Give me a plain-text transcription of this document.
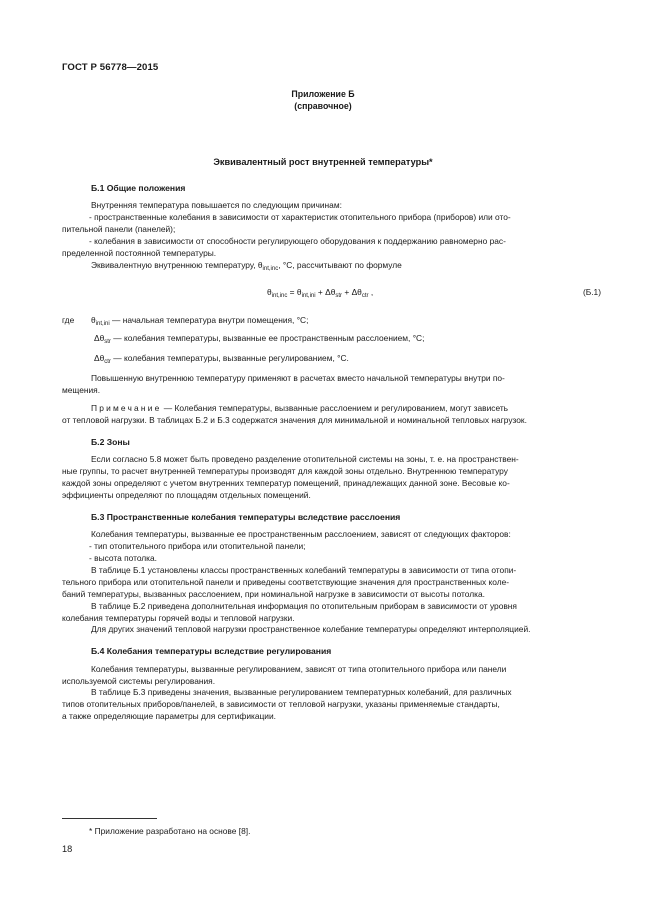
ГОСТ Р 56778—2015
Приложение Б
(справочное)
Эквивалентный рост внутренней температуры*
Б.1 Общие положения

Внутренняя температура повышается по следующим причинам:

- пространственные колебания в зависимости от характеристик отопительного прибора (приборов) или ото-
пительной панели (панелей);

- колебания в зависимости от способности регулирующего оборудования к поддержанию равномерно рас-
пределенной постоянной температуры.

Эквивалентную внутреннюю температуру, $\theta_{int,inc}$, °C, рассчитывают по формуле

$\theta_{int,inc} = \theta_{int,ini} + \Delta\theta_{str} + \Delta\theta_{ctr}$ ,	(Б.1)
где $\theta_{int,ini}$ — начальная температура внутри помещения, °C;
$\Delta\theta_{str}$ — колебания температуры, вызванные ее пространственным расслоением, °C;
$\Delta\theta_{ctr}$ — колебания температуры, вызванные регулированием, °C.

Повышенную внутреннюю температуру применяют в расчетах вместо начальной температуры внутри по-
мещения.

Примечание — Колебания температуры, вызванные расслоением и регулированием, могут зависеть
от тепловой нагрузки. В таблицах Б.2 и Б.3 содержатся значения для минимальной и номинальной тепловых нагрузок.

Б.2 Зоны

Если согласно 5.8 может быть проведено разделение отопительной системы на зоны, т. е. на пространствен-
ные группы, то расчет внутренней температуры производят для каждой зоны отдельно. Внутреннюю температуру
каждой зоны определяют с учетом внутренних температур помещений, принадлежащих данной зоне. Весовые ко-
эффициенты определяют по площадям отдельных помещений.

Б.3 Пространственные колебания температуры вследствие расслоения

Колебания температуры, вызванные ее пространственным расслоением, зависят от следующих факторов:

- тип отопительного прибора или отопительной панели;

- высота потолка.

В таблице Б.1 установлены классы пространственных колебаний температуры в зависимости от типа отопи-
тельного прибора или отопительной панели и приведены соответствующие значения для пространственных коле-
баний температуры, вызванных расслоением, при номинальной нагрузке в зависимости от высоты потолка.

В таблице Б.2 приведена дополнительная информация по отопительным приборам в зависимости от уровня
колебания температуры горячей воды и тепловой нагрузки.

Для других значений тепловой нагрузки пространственное колебание температуры определяют интерполяцией.

Б.4 Колебания температуры вследствие регулирования

Колебания температуры, вызванные регулированием, зависят от типа отопительного прибора или панели
используемой системы регулирования.

В таблице Б.3 приведены значения, вызванные регулированием температурных колебаний, для различных
типов отопительных приборов/панелей, в зависимости от тепловой нагрузки, указаны применяемые стандарты,
а также определяющие параметры для сертификации.

* Приложение разработано на основе [8].
18
